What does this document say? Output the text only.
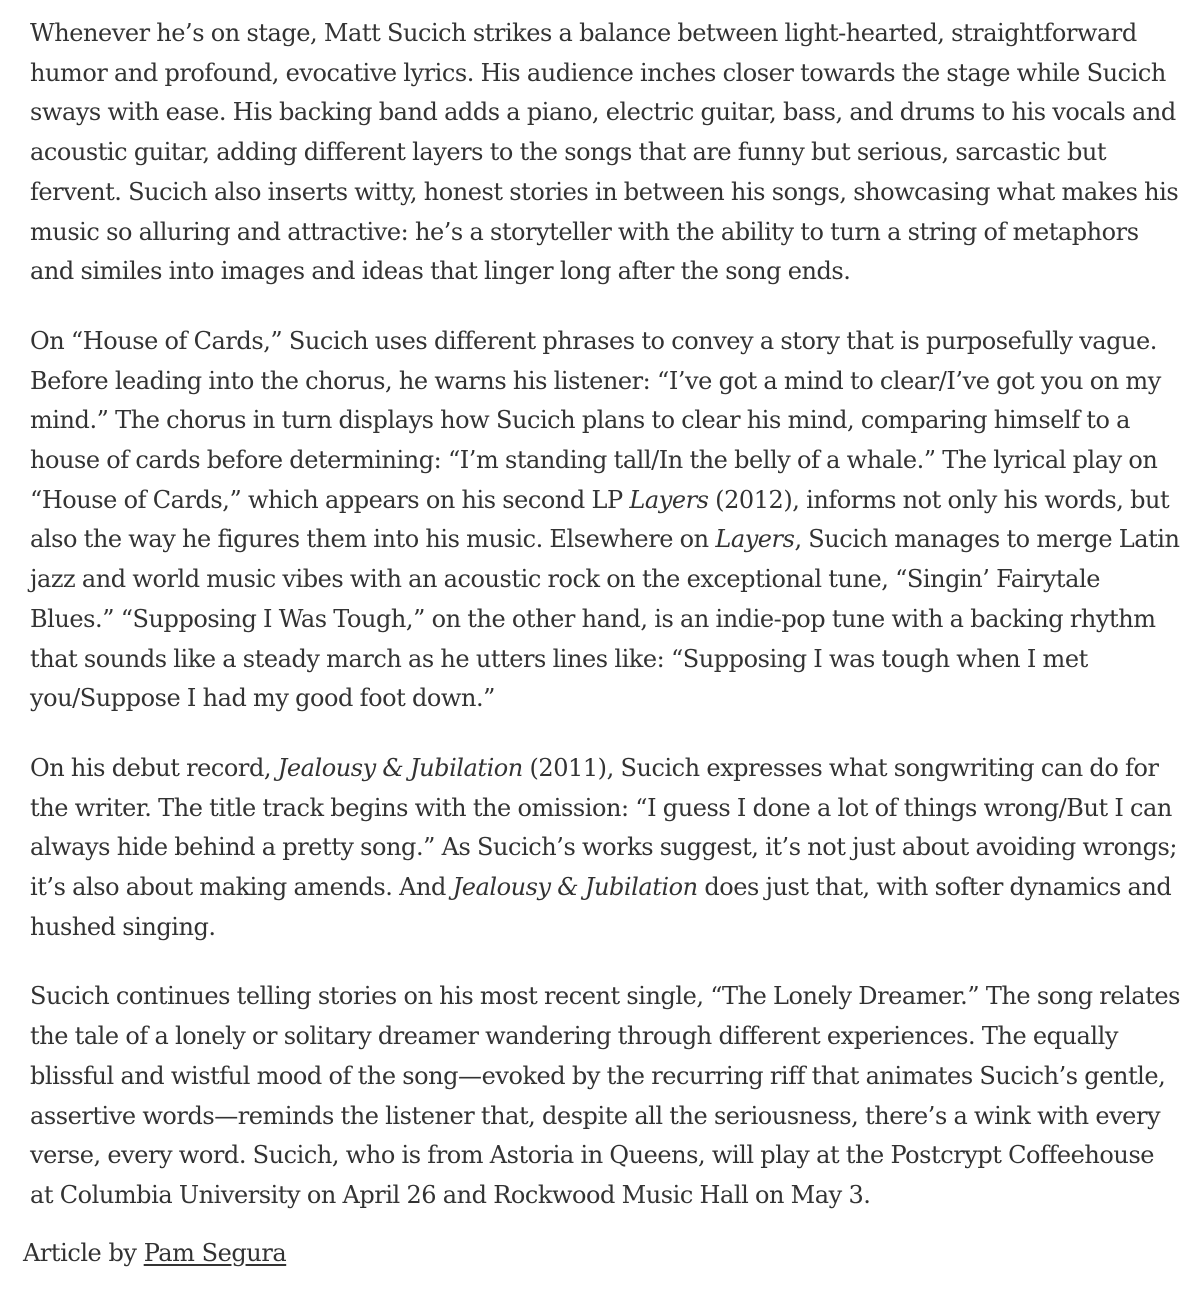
Whenever he’s on stage, Matt Sucich strikes a balance between light-hearted, straightforward humor and profound, evocative lyrics. His audience inches closer towards the stage while Sucich sways with ease. His backing band adds a piano, electric guitar, bass, and drums to his vocals and acoustic guitar, adding different layers to the songs that are funny but serious, sarcastic but fervent. Sucich also inserts witty, honest stories in between his songs, showcasing what makes his music so alluring and attractive: he’s a storyteller with the ability to turn a string of metaphors and similes into images and ideas that linger long after the song ends.

On “House of Cards,” Sucich uses different phrases to convey a story that is purposefully vague. Before leading into the chorus, he warns his listener: “I’ve got a mind to clear/I’ve got you on my mind.” The chorus in turn displays how Sucich plans to clear his mind, comparing himself to a house of cards before determining: “I’m standing tall/In the belly of a whale.” The lyrical play on “House of Cards,” which appears on his second LP Layers (2012), informs not only his words, but also the way he figures them into his music. Elsewhere on Layers, Sucich manages to merge Latin jazz and world music vibes with an acoustic rock on the exceptional tune, “Singin’ Fairytale Blues.” “Supposing I Was Tough,” on the other hand, is an indie-pop tune with a backing rhythm that sounds like a steady march as he utters lines like: “Supposing I was tough when I met you/Suppose I had my good foot down.”

On his debut record, Jealousy & Jubilation (2011), Sucich expresses what songwriting can do for the writer. The title track begins with the omission: “I guess I done a lot of things wrong/But I can always hide behind a pretty song.” As Sucich’s works suggest, it’s not just about avoiding wrongs; it’s also about making amends. And Jealousy & Jubilation does just that, with softer dynamics and hushed singing.

Sucich continues telling stories on his most recent single, “The Lonely Dreamer.” The song relates the tale of a lonely or solitary dreamer wandering through different experiences. The equally blissful and wistful mood of the song—evoked by the recurring riff that animates Sucich’s gentle, assertive words—reminds the listener that, despite all the seriousness, there’s a wink with every verse, every word. Sucich, who is from Astoria in Queens, will play at the Postcrypt Coffeehouse at Columbia University on April 26 and Rockwood Music Hall on May 3.

Article by Pam Segura
